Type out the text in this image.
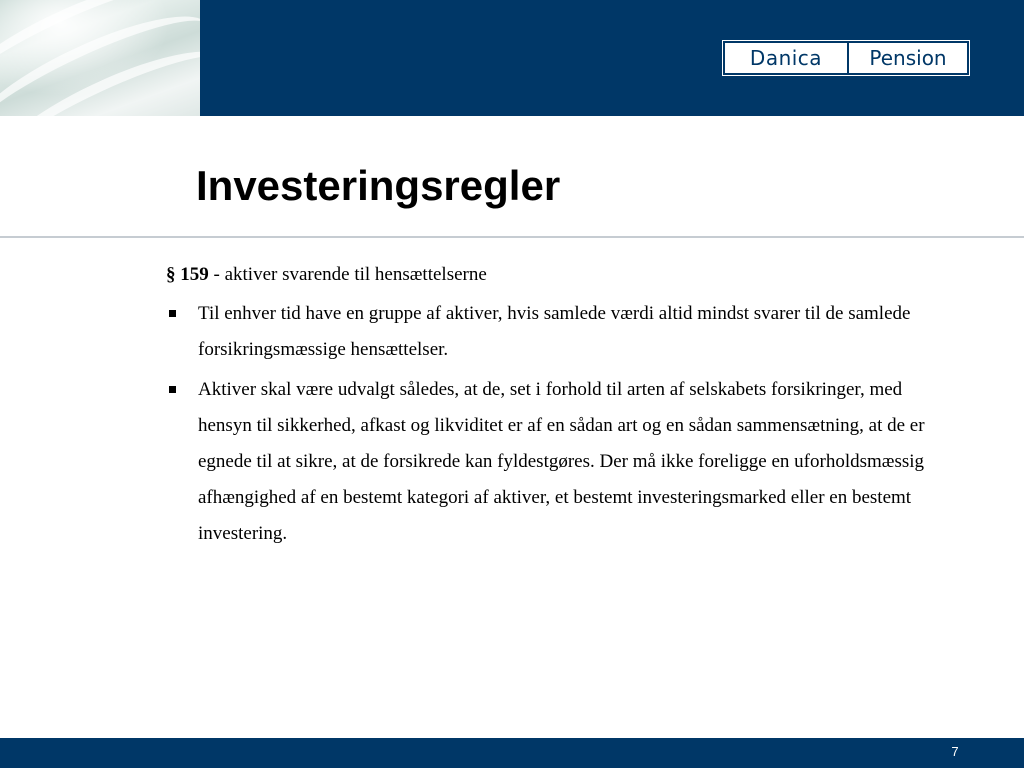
Danica	Pension
Investeringsregler
§ 159 - aktiver svarende til hensættelserne
Til enhver tid have en gruppe af aktiver, hvis samlede værdi altid mindst svarer til de samlede forsikringsmæssige hensættelser.
Aktiver skal være udvalgt således, at de, set i forhold til arten af selskabets forsikringer, med hensyn til sikkerhed, afkast og likviditet er af en sådan art og en sådan sammensætning, at de er egnede til at sikre, at de forsikrede kan fyldestgøres. Der må ikke foreligge en uforholdsmæssig afhængighed af en bestemt kategori af aktiver, et bestemt investeringsmarked eller en bestemt investering.
7
